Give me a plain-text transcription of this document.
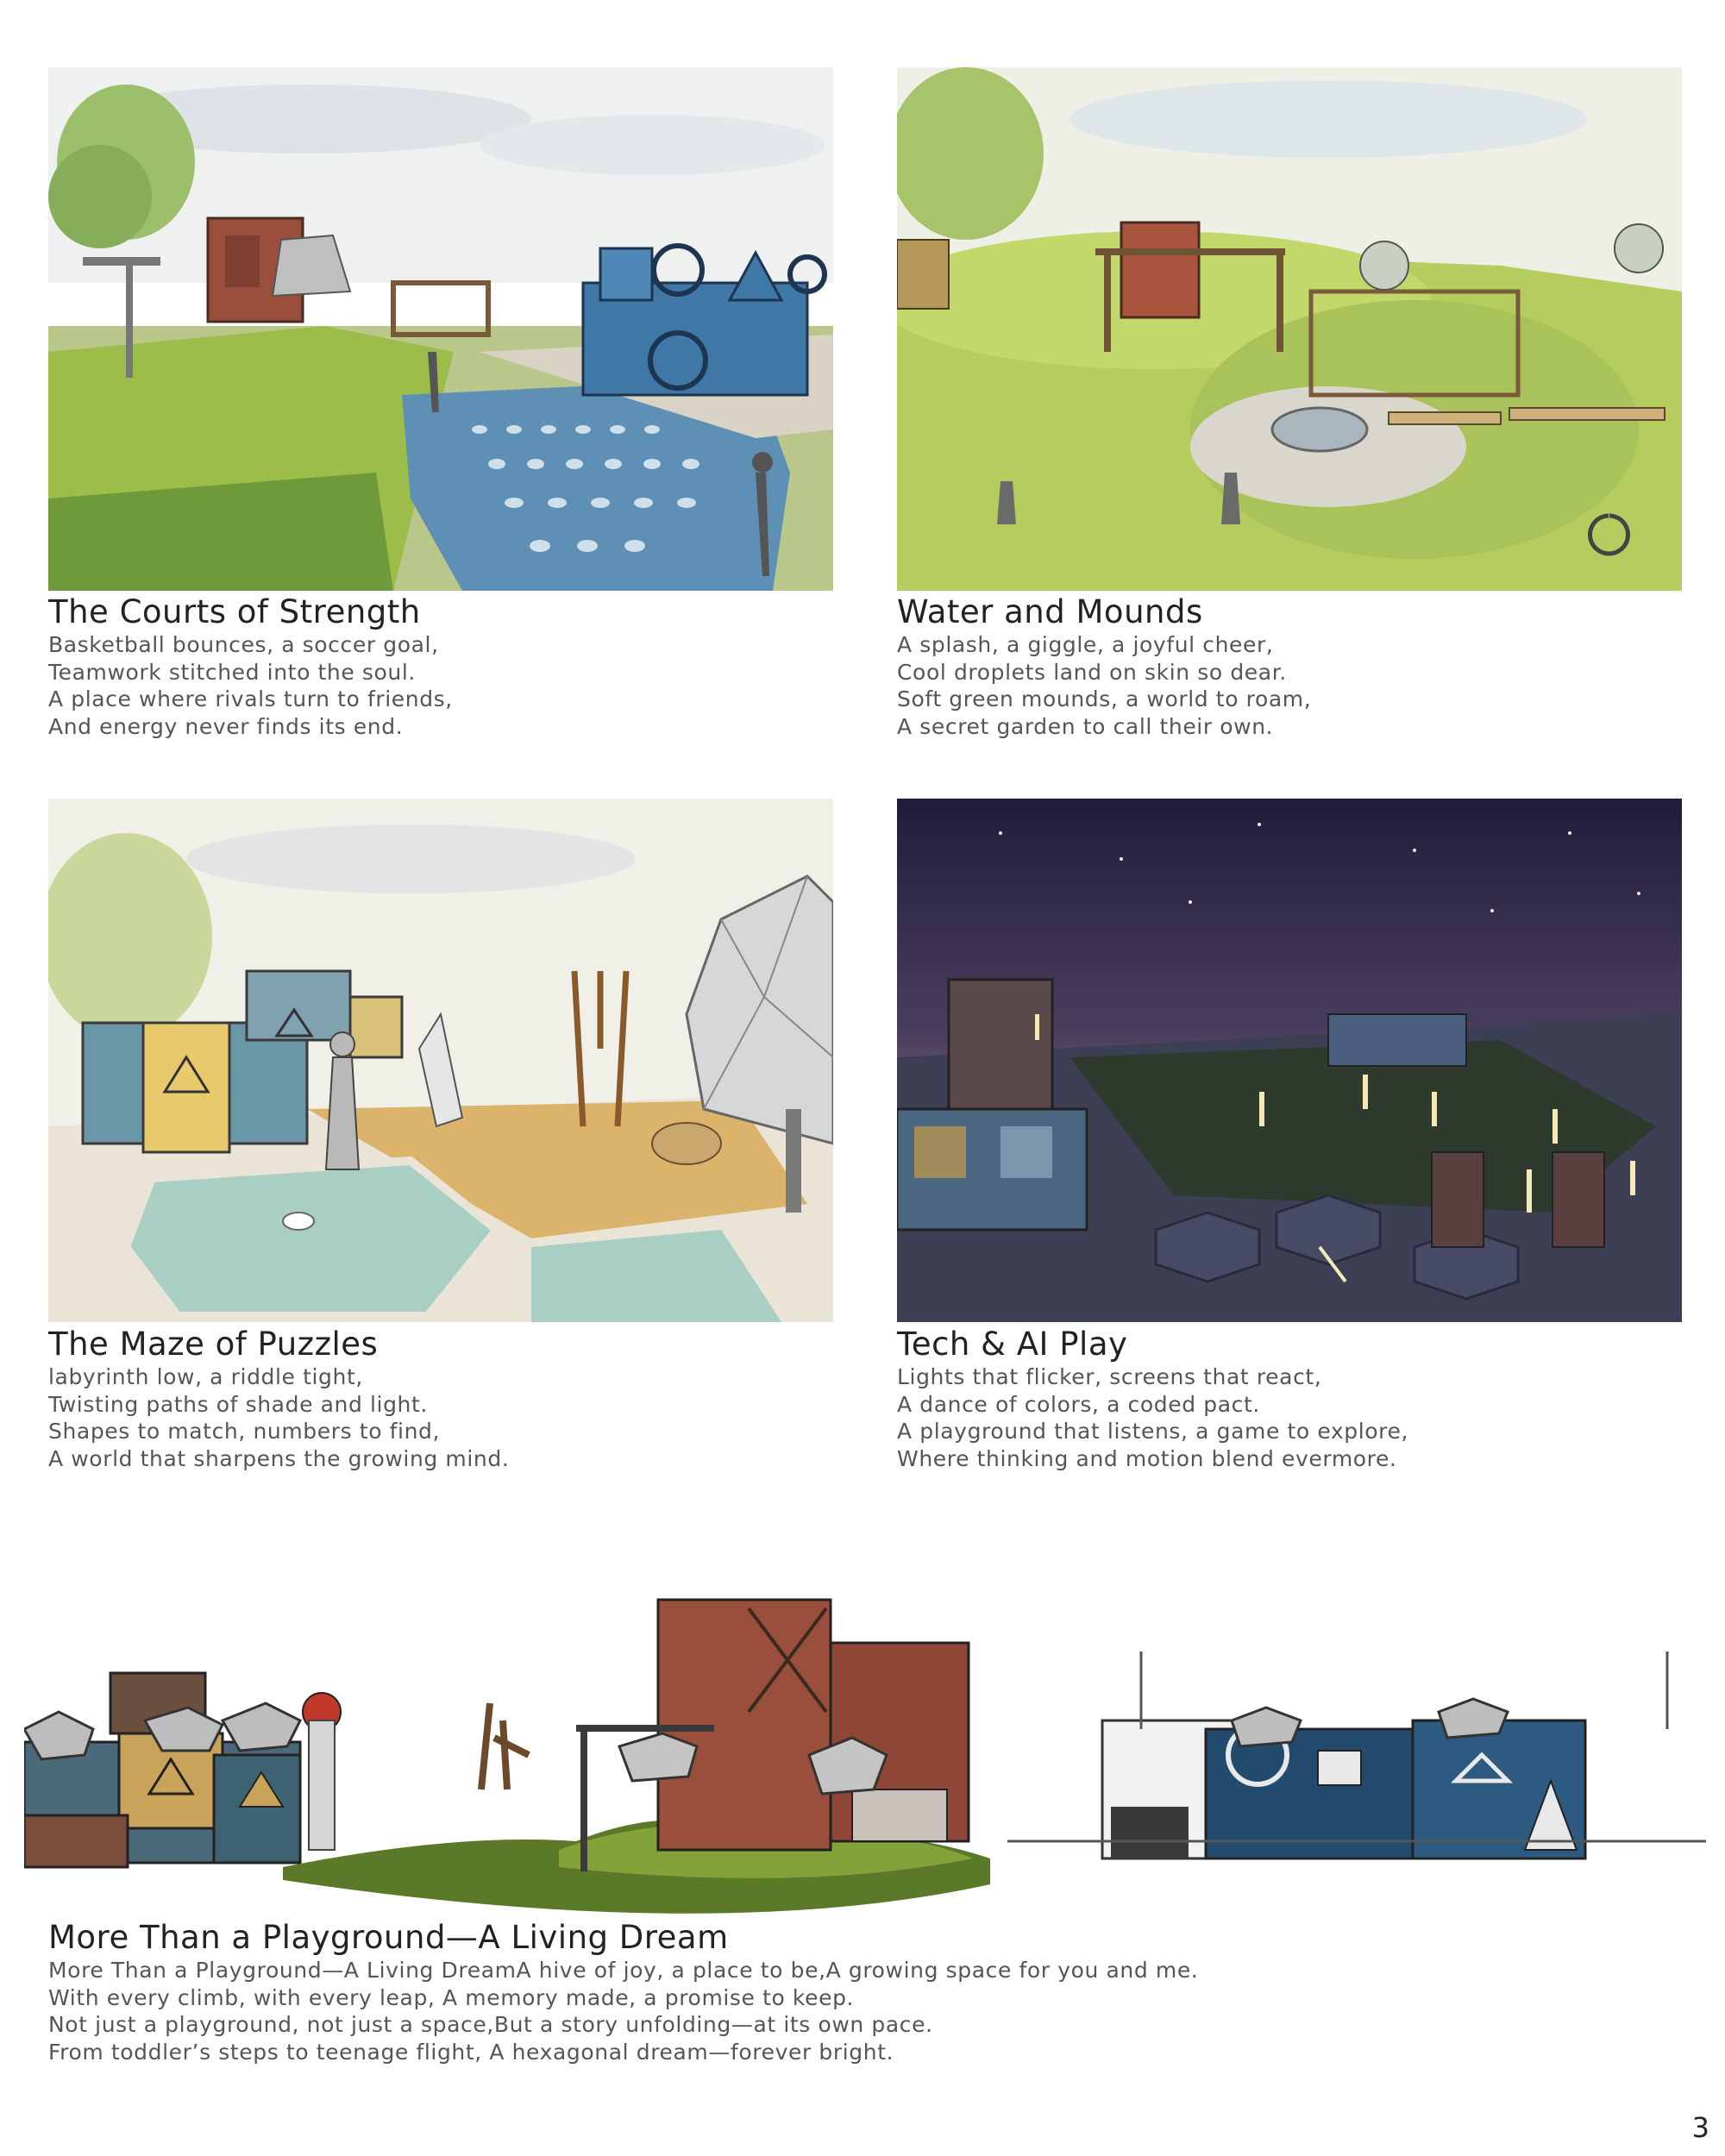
The Courts of Strength

Basketball bounces, a soccer goal,

Teamwork stitched into the soul.

A place where rivals turn to friends,

And energy never finds its end.

Water and Mounds

A splash, a giggle, a joyful cheer,

Cool droplets land on skin so dear.

Soft green mounds, a world to roam,

A secret garden to call their own.

The Maze of Puzzles

labyrinth low, a riddle tight,

Twisting paths of shade and light.

Shapes to match, numbers to find,

A world that sharpens the growing mind.

Tech & AI Play

Lights that flicker, screens that react,

A dance of colors, a coded pact.

A playground that listens, a game to explore,

Where thinking and motion blend evermore.

More Than a Playground—A Living Dream

More Than a Playground—A Living DreamA hive of joy, a place to be,A growing space for you and me.

With every climb, with every leap, A memory made, a promise to keep.

Not just a playground, not just a space,But a story unfolding—at its own pace.

From toddler’s steps to teenage flight, A hexagonal dream—forever bright.

3
